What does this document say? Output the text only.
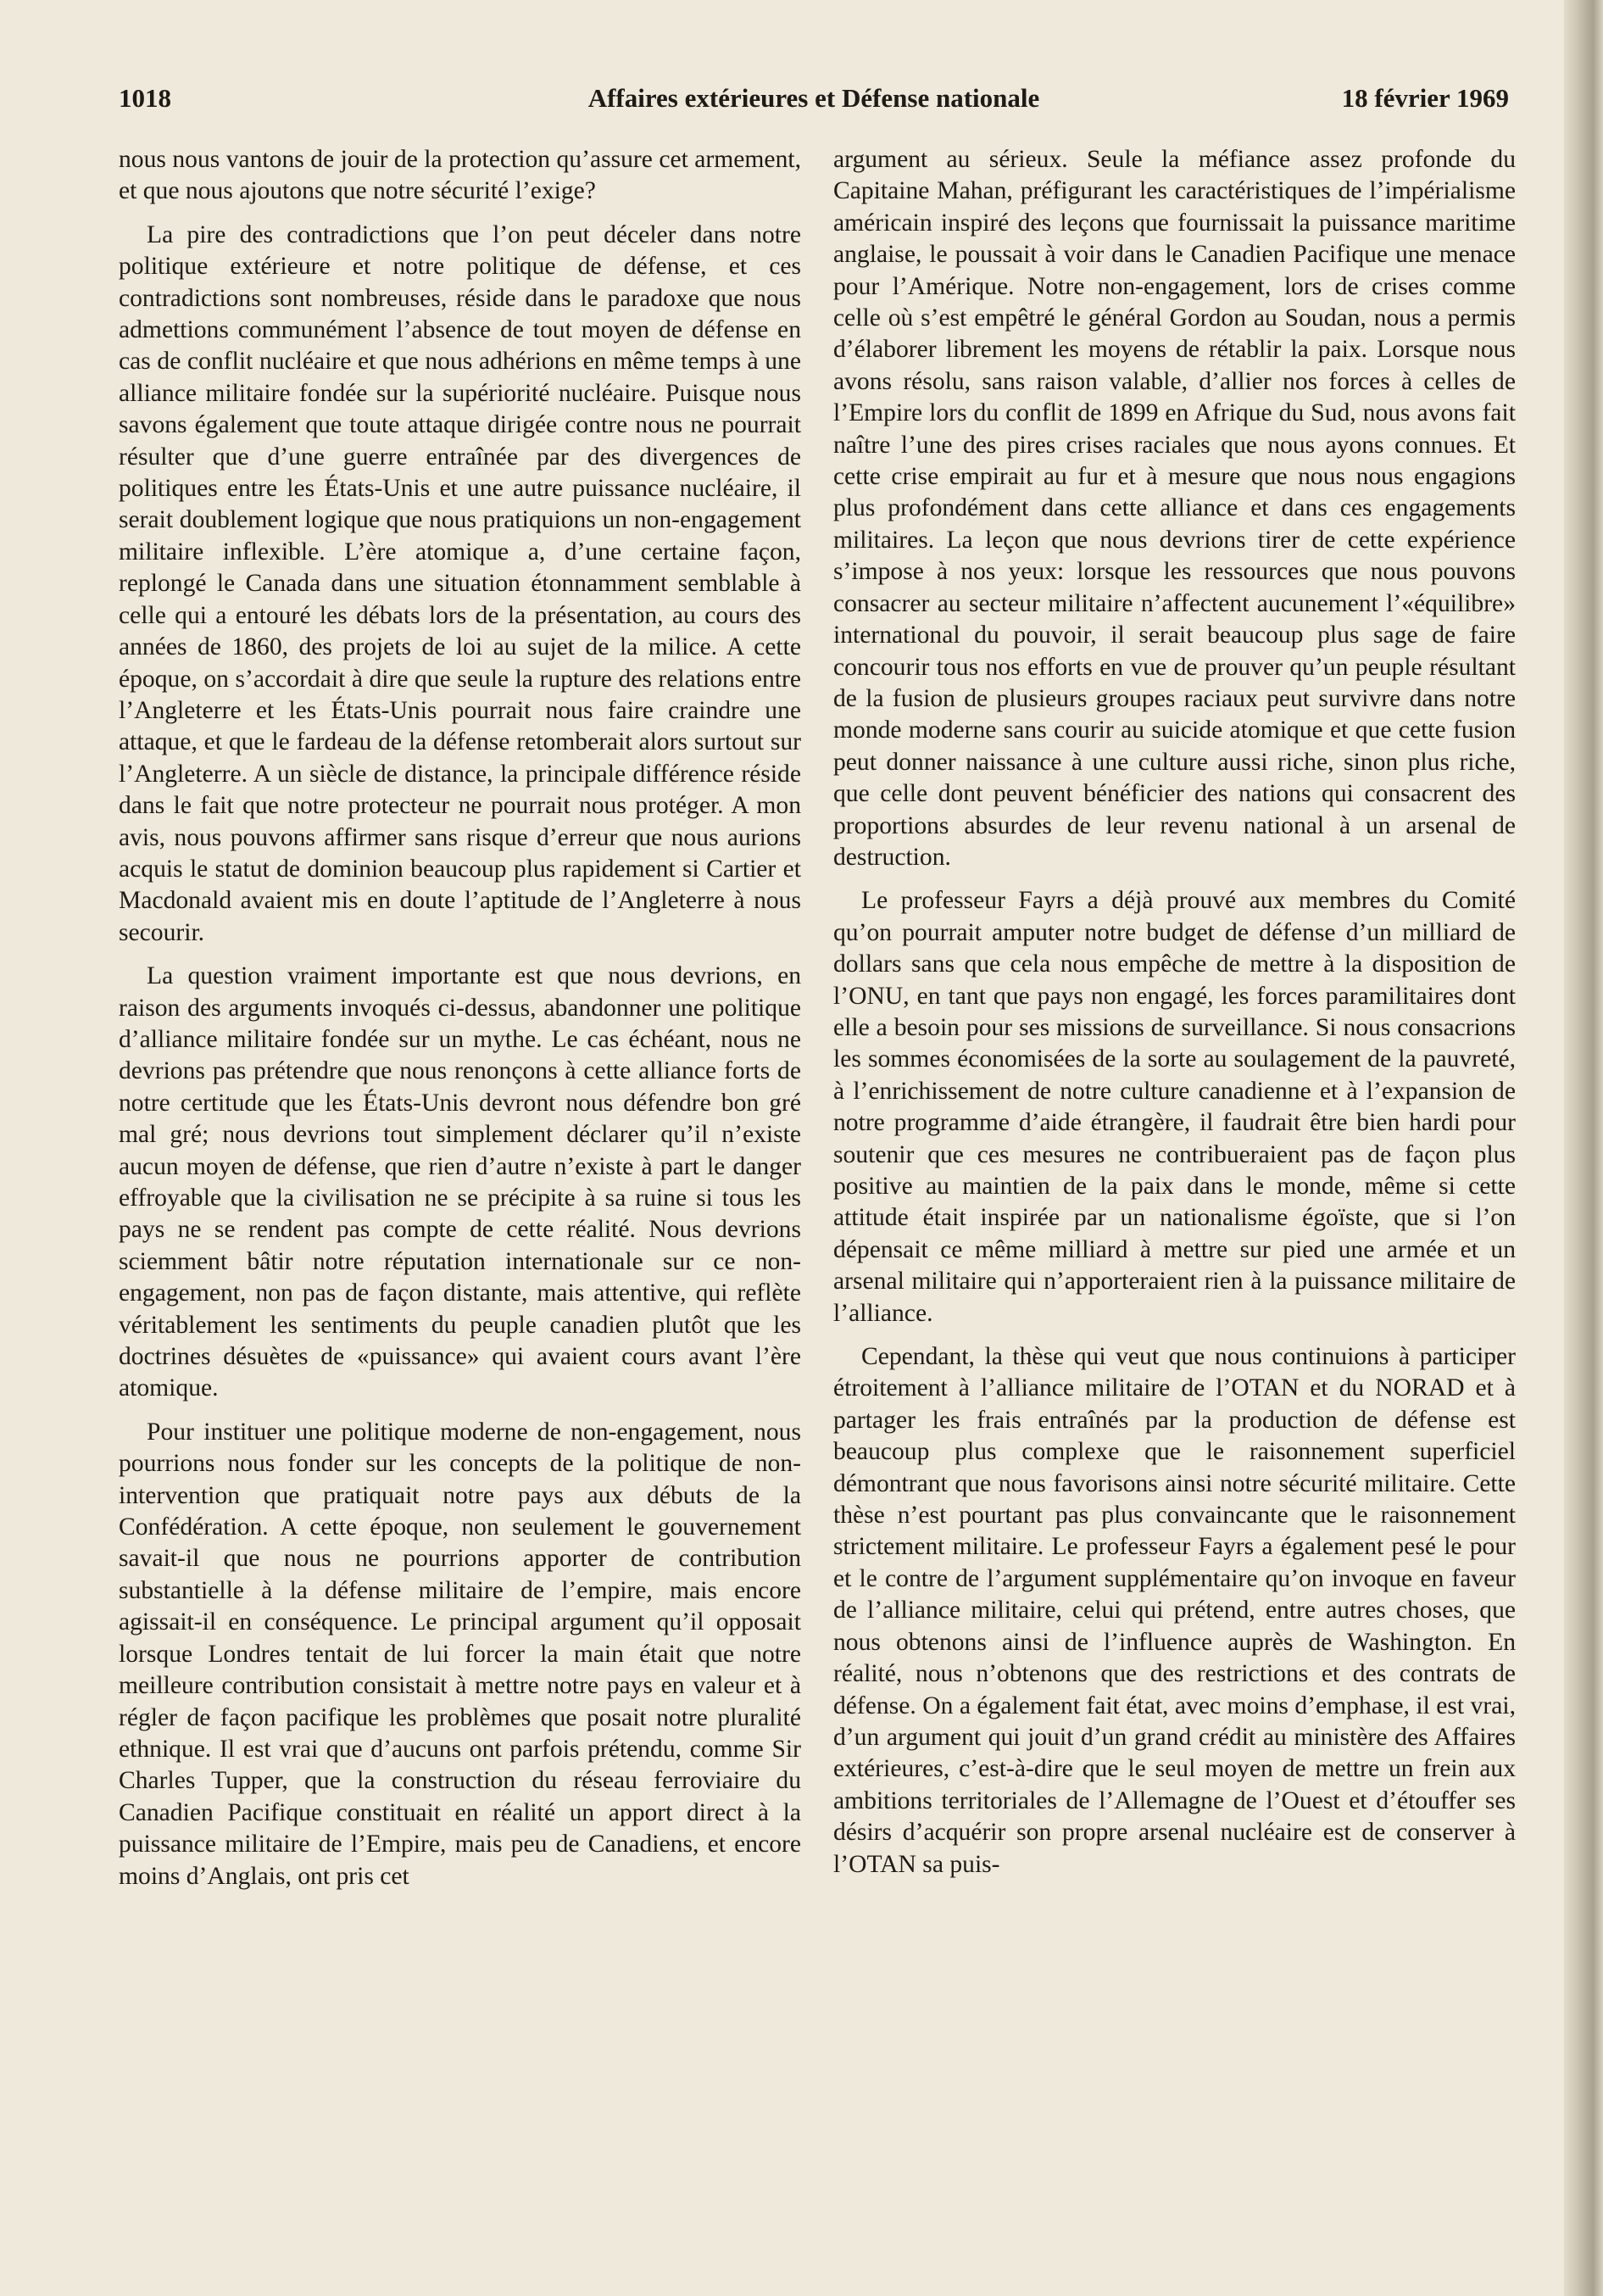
1018	Affaires extérieures et Défense nationale	18 février 1969

nous nous vantons de jouir de la protection qu’assure cet armement, et que nous ajoutons que notre sécurité l’exige?

La pire des contradictions que l’on peut déceler dans notre politique extérieure et notre politique de défense, et ces contradictions sont nombreuses, réside dans le paradoxe que nous admettions communément l’absence de tout moyen de défense en cas de conflit nucléaire et que nous adhérions en même temps à une alliance militaire fondée sur la supériorité nucléaire. Puisque nous savons également que toute attaque dirigée contre nous ne pourrait résulter que d’une guerre entraînée par des divergences de politiques entre les États-Unis et une autre puissance nucléaire, il serait doublement logique que nous pratiquions un non-engagement militaire inflexible. L’ère atomique a, d’une certaine façon, replongé le Canada dans une situation étonnamment semblable à celle qui a entouré les débats lors de la présentation, au cours des années de 1860, des projets de loi au sujet de la milice. A cette époque, on s’accordait à dire que seule la rupture des relations entre l’Angleterre et les États-Unis pourrait nous faire craindre une attaque, et que le fardeau de la défense retomberait alors surtout sur l’Angleterre. A un siècle de distance, la principale différence réside dans le fait que notre protecteur ne pourrait nous protéger. A mon avis, nous pouvons affirmer sans risque d’erreur que nous aurions acquis le statut de dominion beaucoup plus rapidement si Cartier et Macdonald avaient mis en doute l’aptitude de l’Angleterre à nous secourir.

La question vraiment importante est que nous devrions, en raison des arguments invoqués ci-dessus, abandonner une politique d’alliance militaire fondée sur un mythe. Le cas échéant, nous ne devrions pas prétendre que nous renonçons à cette alliance forts de notre certitude que les États-Unis devront nous défendre bon gré mal gré; nous devrions tout simplement déclarer qu’il n’existe aucun moyen de défense, que rien d’autre n’existe à part le danger effroyable que la civilisation ne se précipite à sa ruine si tous les pays ne se rendent pas compte de cette réalité. Nous devrions sciemment bâtir notre réputation internationale sur ce non-engagement, non pas de façon distante, mais attentive, qui reflète véritablement les sentiments du peuple canadien plutôt que les doctrines désuètes de «puissance» qui avaient cours avant l’ère atomique.

Pour instituer une politique moderne de non-engagement, nous pourrions nous fonder sur les concepts de la politique de non-intervention que pratiquait notre pays aux débuts de la Confédération. A cette époque, non seulement le gouvernement savait-il que nous ne pourrions apporter de contribution substantielle à la défense militaire de l’empire, mais encore agissait-il en conséquence. Le principal argument qu’il opposait lorsque Londres tentait de lui forcer la main était que notre meilleure contribution consistait à mettre notre pays en valeur et à régler de façon pacifique les problèmes que posait notre pluralité ethnique. Il est vrai que d’aucuns ont parfois prétendu, comme Sir Charles Tupper, que la construction du réseau ferroviaire du Canadien Pacifique constituait en réalité un apport direct à la puissance militaire de l’Empire, mais peu de Canadiens, et encore moins d’Anglais, ont pris cet

argument au sérieux. Seule la méfiance assez profonde du Capitaine Mahan, préfigurant les caractéristiques de l’impérialisme américain inspiré des leçons que fournissait la puissance maritime anglaise, le poussait à voir dans le Canadien Pacifique une menace pour l’Amérique. Notre non-engagement, lors de crises comme celle où s’est empêtré le général Gordon au Soudan, nous a permis d’élaborer librement les moyens de rétablir la paix. Lorsque nous avons résolu, sans raison valable, d’allier nos forces à celles de l’Empire lors du conflit de 1899 en Afrique du Sud, nous avons fait naître l’une des pires crises raciales que nous ayons connues. Et cette crise empirait au fur et à mesure que nous nous engagions plus profondément dans cette alliance et dans ces engagements militaires. La leçon que nous devrions tirer de cette expérience s’impose à nos yeux: lorsque les ressources que nous pouvons consacrer au secteur militaire n’affectent aucunement l’«équilibre» international du pouvoir, il serait beaucoup plus sage de faire concourir tous nos efforts en vue de prouver qu’un peuple résultant de la fusion de plusieurs groupes raciaux peut survivre dans notre monde moderne sans courir au suicide atomique et que cette fusion peut donner naissance à une culture aussi riche, sinon plus riche, que celle dont peuvent bénéficier des nations qui consacrent des proportions absurdes de leur revenu national à un arsenal de destruction.

Le professeur Fayrs a déjà prouvé aux membres du Comité qu’on pourrait amputer notre budget de défense d’un milliard de dollars sans que cela nous empêche de mettre à la disposition de l’ONU, en tant que pays non engagé, les forces paramilitaires dont elle a besoin pour ses missions de surveillance. Si nous consacrions les sommes économisées de la sorte au soulagement de la pauvreté, à l’enrichissement de notre culture canadienne et à l’expansion de notre programme d’aide étrangère, il faudrait être bien hardi pour soutenir que ces mesures ne contribueraient pas de façon plus positive au maintien de la paix dans le monde, même si cette attitude était inspirée par un nationalisme égoïste, que si l’on dépensait ce même milliard à mettre sur pied une armée et un arsenal militaire qui n’apporteraient rien à la puissance militaire de l’alliance.

Cependant, la thèse qui veut que nous continuions à participer étroitement à l’alliance militaire de l’OTAN et du NORAD et à partager les frais entraînés par la production de défense est beaucoup plus complexe que le raisonnement superficiel démontrant que nous favorisons ainsi notre sécurité militaire. Cette thèse n’est pourtant pas plus convaincante que le raisonnement strictement militaire. Le professeur Fayrs a également pesé le pour et le contre de l’argument supplémentaire qu’on invoque en faveur de l’alliance militaire, celui qui prétend, entre autres choses, que nous obtenons ainsi de l’influence auprès de Washington. En réalité, nous n’obtenons que des restrictions et des contrats de défense. On a également fait état, avec moins d’emphase, il est vrai, d’un argument qui jouit d’un grand crédit au ministère des Affaires extérieures, c’est-à-dire que le seul moyen de mettre un frein aux ambitions territoriales de l’Allemagne de l’Ouest et d’étouffer ses désirs d’acquérir son propre arsenal nucléaire est de conserver à l’OTAN sa puis-
